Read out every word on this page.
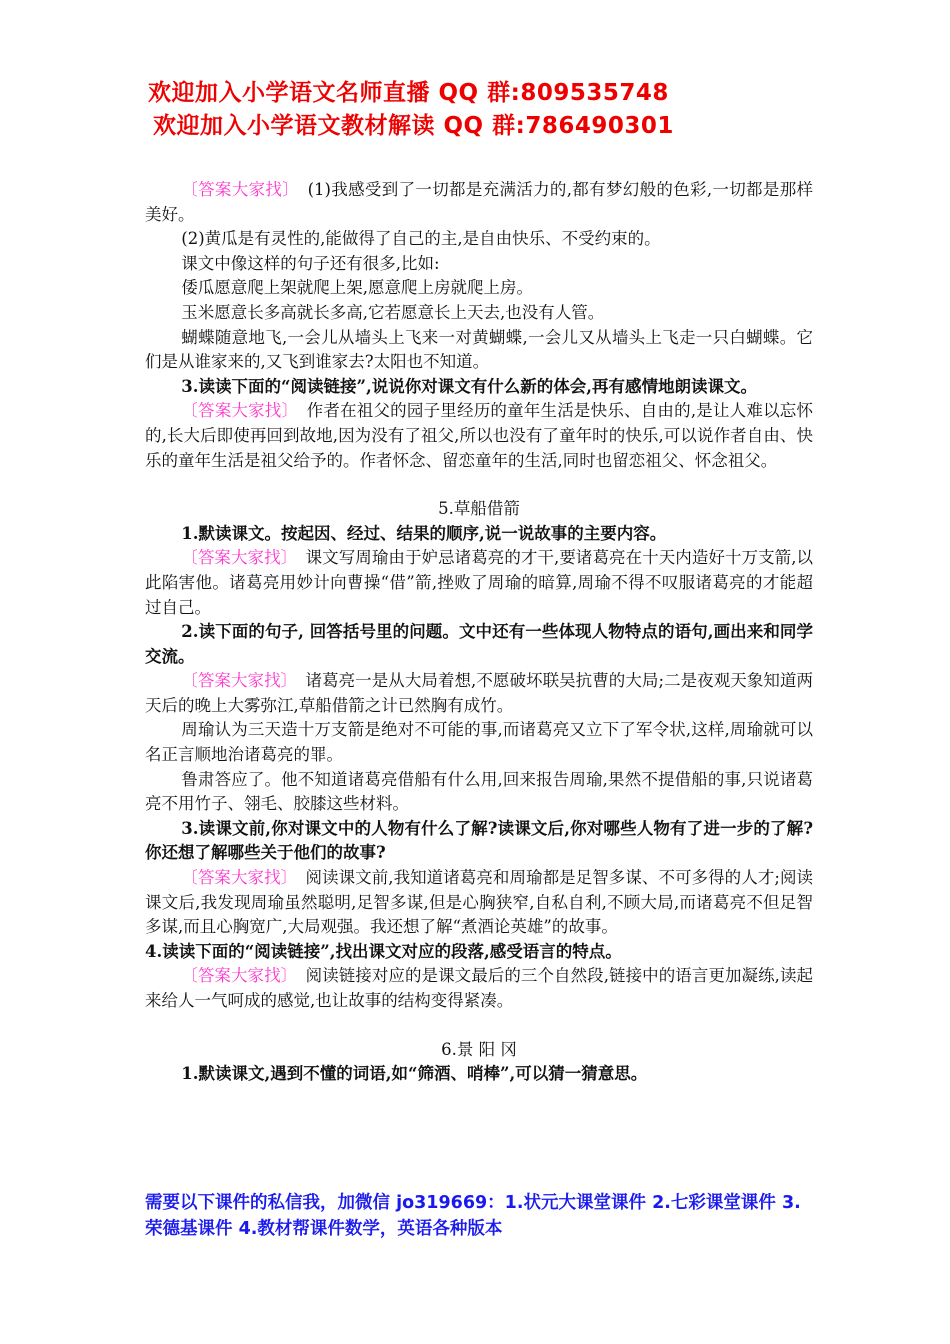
欢迎加入小学语文名师直播 QQ 群:809535748
欢迎加入小学语文教材解读 QQ 群:786490301

〔答案大家找〕　 (1)我感受到了一切都是充满活力的,都有梦幻般的色彩,一切都是那样美好。

(2)黄瓜是有灵性的,能做得了自己的主,是自由快乐、不受约束的。

课文中像这样的句子还有很多,比如:

倭瓜愿意爬上架就爬上架,愿意爬上房就爬上房。

玉米愿意长多高就长多高,它若愿意长上天去,也没有人管。

蝴蝶随意地飞,一会儿从墙头上飞来一对黄蝴蝶,一会儿又从墙头上飞走一只白蝴蝶。它们是从谁家来的,又飞到谁家去?太阳也不知道。

3.读读下面的“阅读链接”,说说你对课文有什么新的体会,再有感情地朗读课文。

〔答案大家找〕　 作者在祖父的园子里经历的童年生活是快乐、自由的,是让人难以忘怀的,长大后即使再回到故地,因为没有了祖父,所以也没有了童年时的快乐,可以说作者自由、快乐的童年生活是祖父给予的。作者怀念、留恋童年的生活,同时也留恋祖父、怀念祖父。

5.草船借箭

1.默读课文。按起因、经过、结果的顺序,说一说故事的主要内容。

〔答案大家找〕　 课文写周瑜由于妒忌诸葛亮的才干,要诸葛亮在十天内造好十万支箭,以此陷害他。诸葛亮用妙计向曹操“借”箭,挫败了周瑜的暗算,周瑜不得不叹服诸葛亮的才能超过自己。

2.读下面的句子, 回答括号里的问题。文中还有一些体现人物特点的语句,画出来和同学交流。

〔答案大家找〕　 诸葛亮一是从大局着想,不愿破坏联吴抗曹的大局;二是夜观天象知道两天后的晚上大雾弥江,草船借箭之计已然胸有成竹。

周瑜认为三天造十万支箭是绝对不可能的事,而诸葛亮又立下了军令状,这样,周瑜就可以名正言顺地治诸葛亮的罪。

鲁肃答应了。他不知道诸葛亮借船有什么用,回来报告周瑜,果然不提借船的事,只说诸葛亮不用竹子、翎毛、胶膝这些材料。

3.读课文前,你对课文中的人物有什么了解?读课文后,你对哪些人物有了进一步的了解?你还想了解哪些关于他们的故事?

〔答案大家找〕　 阅读课文前,我知道诸葛亮和周瑜都是足智多谋、不可多得的人才;阅读课文后,我发现周瑜虽然聪明,足智多谋,但是心胸狭窄,自私自利,不顾大局,而诸葛亮不但足智多谋,而且心胸宽广,大局观强。我还想了解“煮酒论英雄”的故事。

4.读读下面的“阅读链接”,找出课文对应的段落,感受语言的特点。

〔答案大家找〕　 阅读链接对应的是课文最后的三个自然段,链接中的语言更加凝练,读起来给人一气呵成的感觉,也让故事的结构变得紧凑。

6.景 阳 冈

1.默读课文,遇到不懂的词语,如“筛酒、哨棒”,可以猜一猜意思。

需要以下课件的私信我，加微信 jo319669：1.状元大课堂课件 2.七彩课堂课件 3.荣德基课件 4.教材帮课件数学，英语各种版本
